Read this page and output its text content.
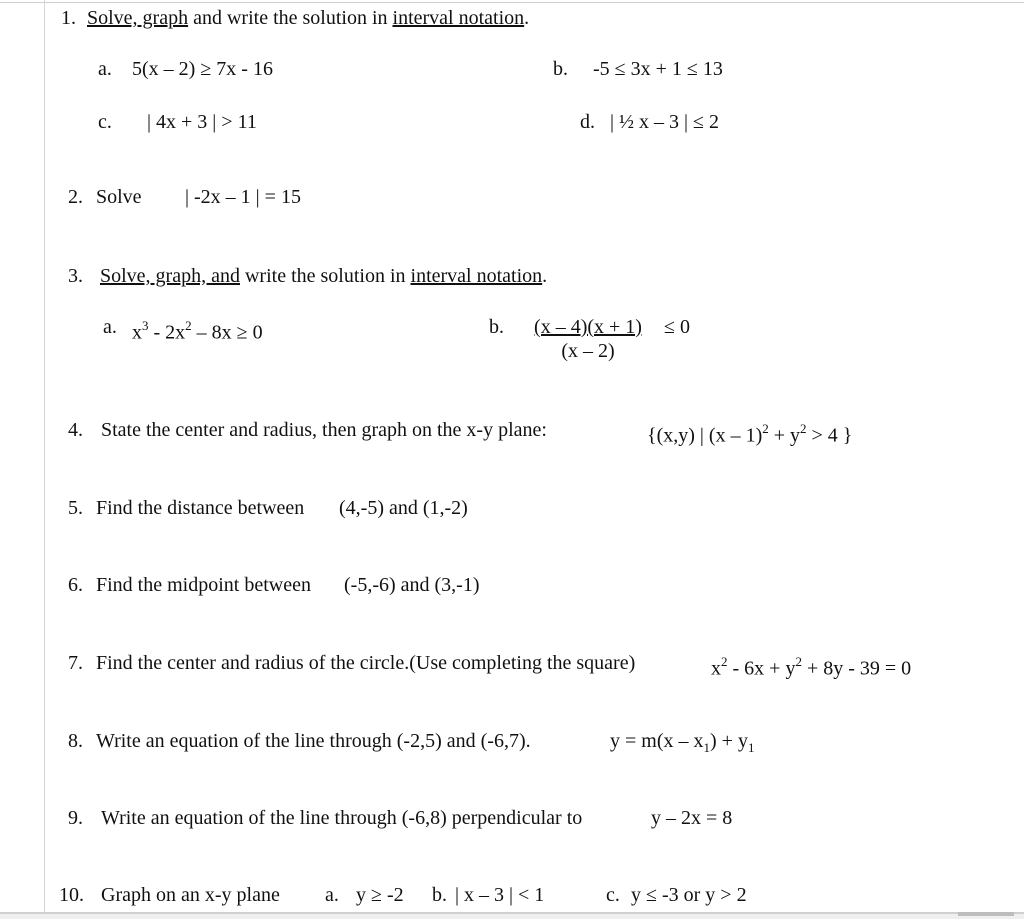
1. Solve, graph and write the solution in interval notation.
a. 5(x – 2) ≥ 7x - 16	b. -5 ≤ 3x + 1 ≤ 13
c. | 4x + 3 | > 11	d. | ½ x – 3 | ≤ 2
2. Solve | -2x – 1 | = 15
3. Solve, graph, and write the solution in interval notation.
a. $x^3 - 2x^2 - 8x \ge 0$	b. $\frac{(x - 4)(x + 1)}{(x - 2)} \le 0$
4. State the center and radius, then graph on the x-y plane:	{(x,y) | $(x - 1)^2 + y^2 > 4$ }
5. Find the distance between (4,-5) and (1,-2)
6. Find the midpoint between (-5,-6) and (3,-1)
7. Find the center and radius of the circle.(Use completing the square)	$x^2 - 6x + y^2 + 8y - 39 = 0$
8. Write an equation of the line through (-2,5) and (-6,7).	$y = m(x - x_1) + y_1$
9. Write an equation of the line through (-6,8) perpendicular to	y – 2x = 8
10. Graph on an x-y plane a. y ≥ -2 b. | x – 3 | < 1	c. y ≤ -3 or y > 2
